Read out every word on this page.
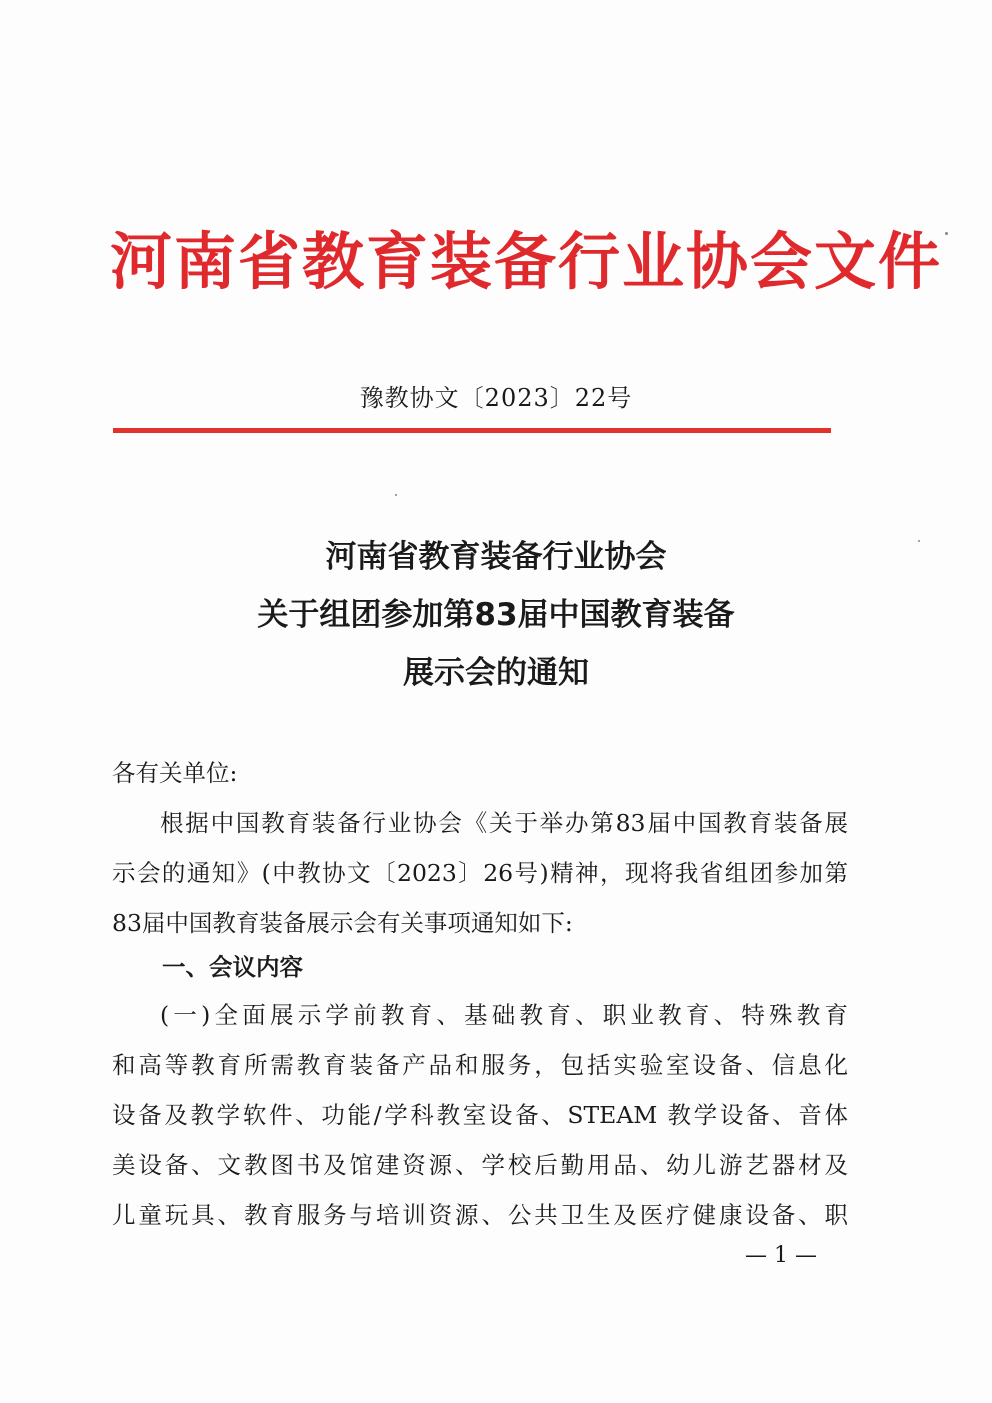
河南省教育装备行业协会文件
豫教协文〔2023〕22号
河南省教育装备行业协会
关于组团参加第83届中国教育装备
展示会的通知
各有关单位:
根据中国教育装备行业协会《关于举办第83届中国教育装备展
示会的通知》(中教协文〔2023〕26号)精神，现将我省组团参加第
83届中国教育装备展示会有关事项通知如下:
一、会议内容
(一)全面展示学前教育、基础教育、职业教育、特殊教育
和高等教育所需教育装备产品和服务，包括实验室设备、信息化
设备及教学软件、功能/学科教室设备、STEAM 教学设备、音体
美设备、文教图书及馆建资源、学校后勤用品、幼儿游艺器材及
儿童玩具、教育服务与培训资源、公共卫生及医疗健康设备、职
— 1 —
